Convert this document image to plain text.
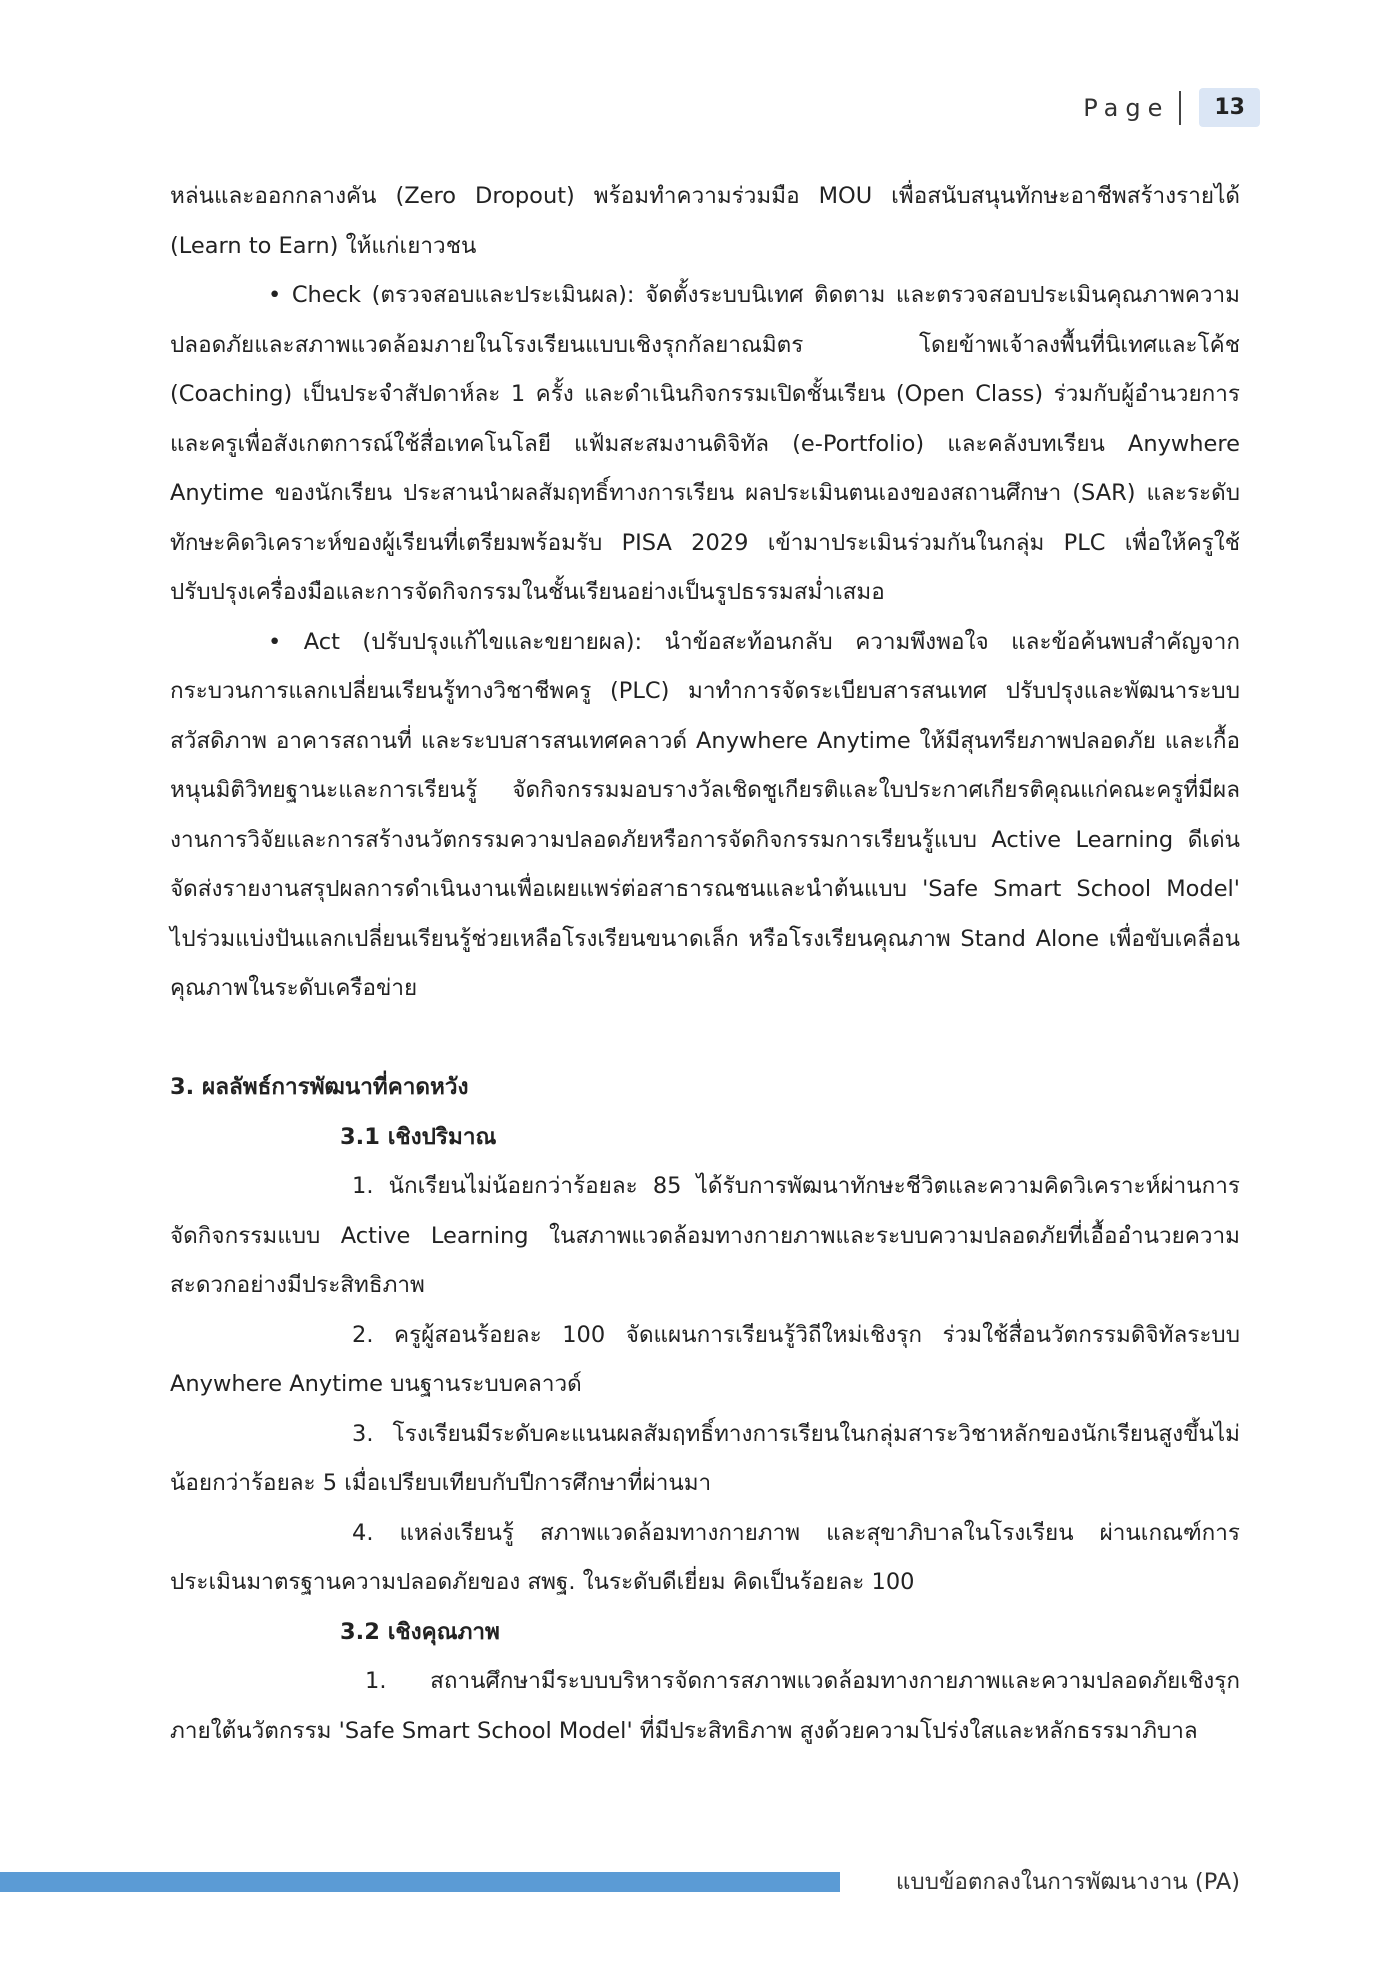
Page	13

หล่นและออกกลางคัน (Zero Dropout) พร้อมทำความร่วมมือ MOU เพื่อสนับสนุนทักษะอาชีพสร้างรายได้ (Learn to Earn) ให้แก่เยาวชน

• Check (ตรวจสอบและประเมินผล): จัดตั้งระบบนิเทศ ติดตาม และตรวจสอบประเมินคุณภาพความปลอดภัยและสภาพแวดล้อมภายในโรงเรียนแบบเชิงรุกกัลยาณมิตร โดยข้าพเจ้าลงพื้นที่นิเทศและโค้ช (Coaching) เป็นประจำสัปดาห์ละ 1 ครั้ง และดำเนินกิจกรรมเปิดชั้นเรียน (Open Class) ร่วมกับผู้อำนวยการและครูเพื่อสังเกตการณ์ใช้สื่อเทคโนโลยี แฟ้มสะสมงานดิจิทัล (e-Portfolio) และคลังบทเรียน Anywhere Anytime ของนักเรียน ประสานนำผลสัมฤทธิ์ทางการเรียน ผลประเมินตนเองของสถานศึกษา (SAR) และระดับทักษะคิดวิเคราะห์ของผู้เรียนที่เตรียมพร้อมรับ PISA 2029 เข้ามาประเมินร่วมกันในกลุ่ม PLC เพื่อให้ครูใช้ปรับปรุงเครื่องมือและการจัดกิจกรรมในชั้นเรียนอย่างเป็นรูปธรรมสม่ำเสมอ

• Act (ปรับปรุงแก้ไขและขยายผล): นำข้อสะท้อนกลับ ความพึงพอใจ และข้อค้นพบสำคัญจากกระบวนการแลกเปลี่ยนเรียนรู้ทางวิชาชีพครู (PLC) มาทำการจัดระเบียบสารสนเทศ ปรับปรุงและพัฒนาระบบสวัสดิภาพ อาคารสถานที่ และระบบสารสนเทศคลาวด์ Anywhere Anytime ให้มีสุนทรียภาพปลอดภัย และเกื้อหนุนมิติวิทยฐานะและการเรียนรู้ จัดกิจกรรมมอบรางวัลเชิดชูเกียรติและใบประกาศเกียรติคุณแก่คณะครูที่มีผลงานการวิจัยและการสร้างนวัตกรรมความปลอดภัยหรือการจัดกิจกรรมการเรียนรู้แบบ Active Learning ดีเด่น จัดส่งรายงานสรุปผลการดำเนินงานเพื่อเผยแพร่ต่อสาธารณชนและนำต้นแบบ 'Safe Smart School Model' ไปร่วมแบ่งปันแลกเปลี่ยนเรียนรู้ช่วยเหลือโรงเรียนขนาดเล็ก หรือโรงเรียนคุณภาพ Stand Alone เพื่อขับเคลื่อนคุณภาพในระดับเครือข่าย

3. ผลลัพธ์การพัฒนาที่คาดหวัง

3.1 เชิงปริมาณ

1. นักเรียนไม่น้อยกว่าร้อยละ 85 ได้รับการพัฒนาทักษะชีวิตและความคิดวิเคราะห์ผ่านการจัดกิจกรรมแบบ Active Learning ในสภาพแวดล้อมทางกายภาพและระบบความปลอดภัยที่เอื้ออำนวยความสะดวกอย่างมีประสิทธิภาพ

2. ครูผู้สอนร้อยละ 100 จัดแผนการเรียนรู้วิถีใหม่เชิงรุก ร่วมใช้สื่อนวัตกรรมดิจิทัลระบบ Anywhere Anytime บนฐานระบบคลาวด์

3. โรงเรียนมีระดับคะแนนผลสัมฤทธิ์ทางการเรียนในกลุ่มสาระวิชาหลักของนักเรียนสูงขึ้นไม่น้อยกว่าร้อยละ 5 เมื่อเปรียบเทียบกับปีการศึกษาที่ผ่านมา

4. แหล่งเรียนรู้ สภาพแวดล้อมทางกายภาพ และสุขาภิบาลในโรงเรียน ผ่านเกณฑ์การประเมินมาตรฐานความปลอดภัยของ สพฐ. ในระดับดีเยี่ยม คิดเป็นร้อยละ 100

3.2 เชิงคุณภาพ

1. สถานศึกษามีระบบบริหารจัดการสภาพแวดล้อมทางกายภาพและความปลอดภัยเชิงรุกภายใต้นวัตกรรม 'Safe Smart School Model' ที่มีประสิทธิภาพ สูงด้วยความโปร่งใสและหลักธรรมาภิบาล

แบบข้อตกลงในการพัฒนางาน (PA)
